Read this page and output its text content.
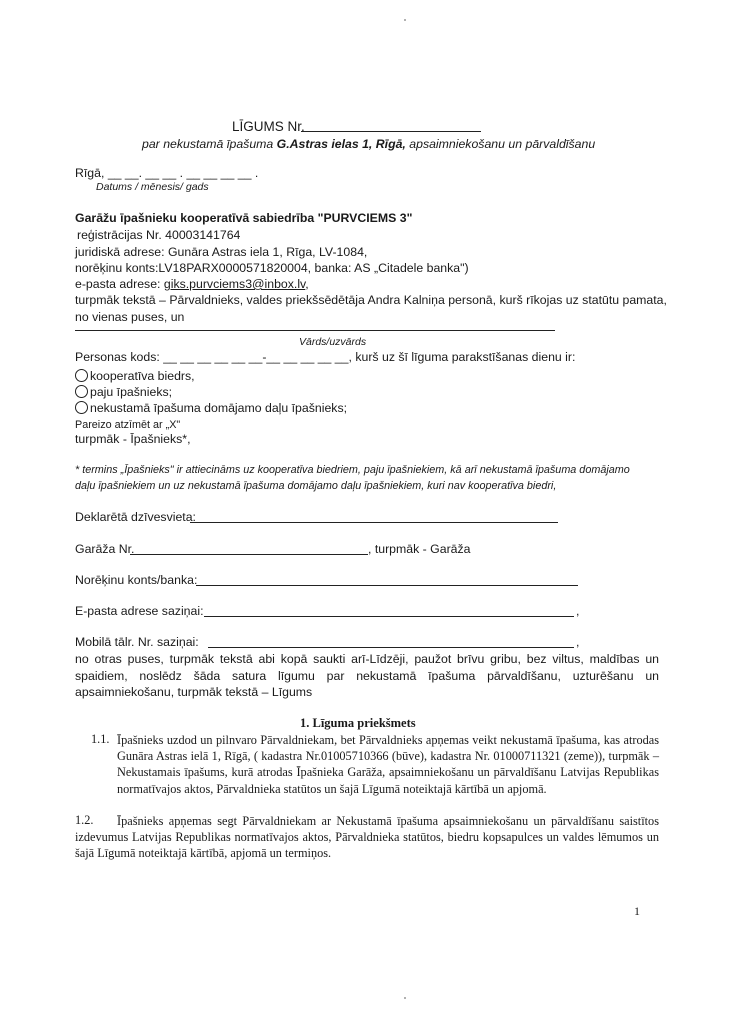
LĪGUMS Nr.
par nekustamā īpašuma G.Astras ielas 1, Rīgā, apsaimniekošanu un pārvaldīšanu
Rīgā, __ __. __ __ . __ __ __ __ .
Datums / mēnesis/ gads
Garāžu īpašnieku kooperatīvā sabiedrība "PURVCIEMS 3"
reģistrācijas Nr. 40003141764
juridiskā adrese: Gunāra Astras iela 1, Rīga, LV-1084,
norēķinu konts:LV18PARX0000571820004, banka: AS „Citadele banka")
e-pasta adrese: giks.purvciems3@inbox.lv,
turpmāk tekstā – Pārvaldnieks, valdes priekšsēdētāja Andra Kalniņa personā, kurš rīkojas uz statūtu pamata,
no vienas puses, un
Vārds/uzvārds
Personas kods: __ __ __ __ __ __-__ __ __ __ __, kurš uz šī līguma parakstīšanas dienu ir:
kooperatīva biedrs,
paju īpašnieks;
nekustamā īpašuma domājamo daļu īpašnieks;
Pareizo atzīmēt ar „X"
turpmāk - Īpašnieks*,
* termins „Īpašnieks" ir attiecināms uz kooperatīva biedriem, paju īpašniekiem, kā arī nekustamā īpašuma domājamo
daļu īpašniekiem un uz nekustamā īpašuma domājamo daļu īpašniekiem, kuri nav kooperatīva biedri,
Deklarētā dzīvesvieta:
Garāža Nr.	, turpmāk - Garāža
Norēķinu konts/banka:
E-pasta adrese saziņai:	,
Mobilā tālr. Nr. saziņai:	,
no otras puses, turpmāk tekstā abi kopā saukti arī-Līdzēji, paužot brīvu gribu, bez viltus, maldības un spaidiem, noslēdz šāda satura līgumu par nekustamā īpašuma pārvaldīšanu, uzturēšanu un apsaimniekošanu, turpmāk tekstā – Līgums
1. Līguma priekšmets
1.1. Īpašnieks uzdod un pilnvaro Pārvaldniekam, bet Pārvaldnieks apņemas veikt nekustamā īpašuma, kas atrodas Gunāra Astras ielā 1, Rīgā, ( kadastra Nr.01005710366 (būve), kadastra Nr. 01000711321 (zeme)), turpmāk – Nekustamais īpašums, kurā atrodas Īpašnieka Garāža, apsaimniekošanu un pārvaldīšanu Latvijas Republikas normatīvajos aktos, Pārvaldnieka statūtos un šajā Līgumā noteiktajā kārtībā un apjomā.
1.2.	Īpašnieks apņemas segt Pārvaldniekam ar Nekustamā īpašuma apsaimniekošanu un pārvaldīšanu saistītos izdevumus Latvijas Republikas normatīvajos aktos, Pārvaldnieka statūtos, biedru kopsapulces un valdes lēmumos un šajā Līgumā noteiktajā kārtībā, apjomā un termiņos.
1
